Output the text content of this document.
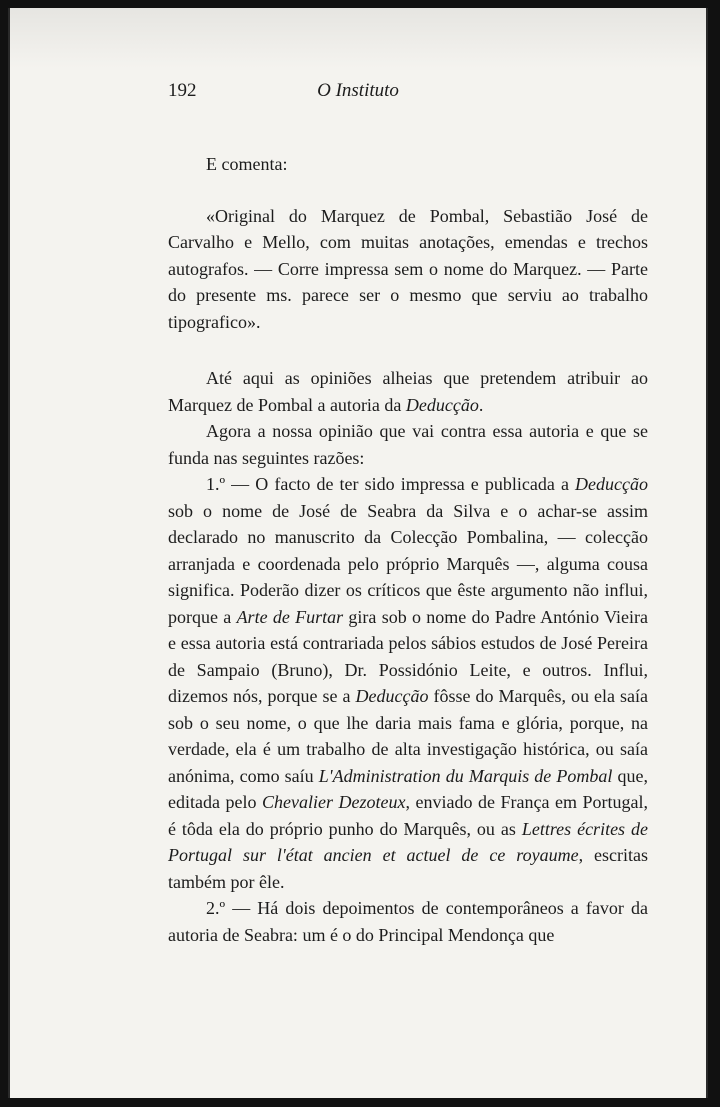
192	O Instituto

E comenta:

«Original do Marquez de Pombal, Sebastião José de Carvalho e Mello, com muitas anotações, emendas e trechos autografos. — Corre impressa sem o nome do Marquez. — Parte do presente ms. parece ser o mesmo que serviu ao trabalho tipografico».

Até aqui as opiniões alheias que pretendem atribuir ao Marquez de Pombal a autoria da Deducção.

Agora a nossa opinião que vai contra essa autoria e que se funda nas seguintes razões:

1.º — O facto de ter sido impressa e publicada a Deducção sob o nome de José de Seabra da Silva e o achar-se assim declarado no manuscrito da Colecção Pombalina, — colecção arranjada e coordenada pelo próprio Marquês —, alguma cousa significa. Poderão dizer os críticos que êste argumento não influi, porque a Arte de Furtar gira sob o nome do Padre António Vieira e essa autoria está contrariada pelos sábios estudos de José Pereira de Sampaio (Bruno), Dr. Possidónio Leite, e outros. Influi, dizemos nós, porque se a Deducção fôsse do Marquês, ou ela saía sob o seu nome, o que lhe daria mais fama e glória, porque, na verdade, ela é um trabalho de alta investigação histórica, ou saía anónima, como saíu L'Administration du Marquis de Pombal que, editada pelo Chevalier Dezoteux, enviado de França em Portugal, é tôda ela do próprio punho do Marquês, ou as Lettres écrites de Portugal sur l'état ancien et actuel de ce royaume, escritas também por êle.

2.º — Há dois depoimentos de contemporâneos a favor da autoria de Seabra: um é o do Principal Mendonça que
